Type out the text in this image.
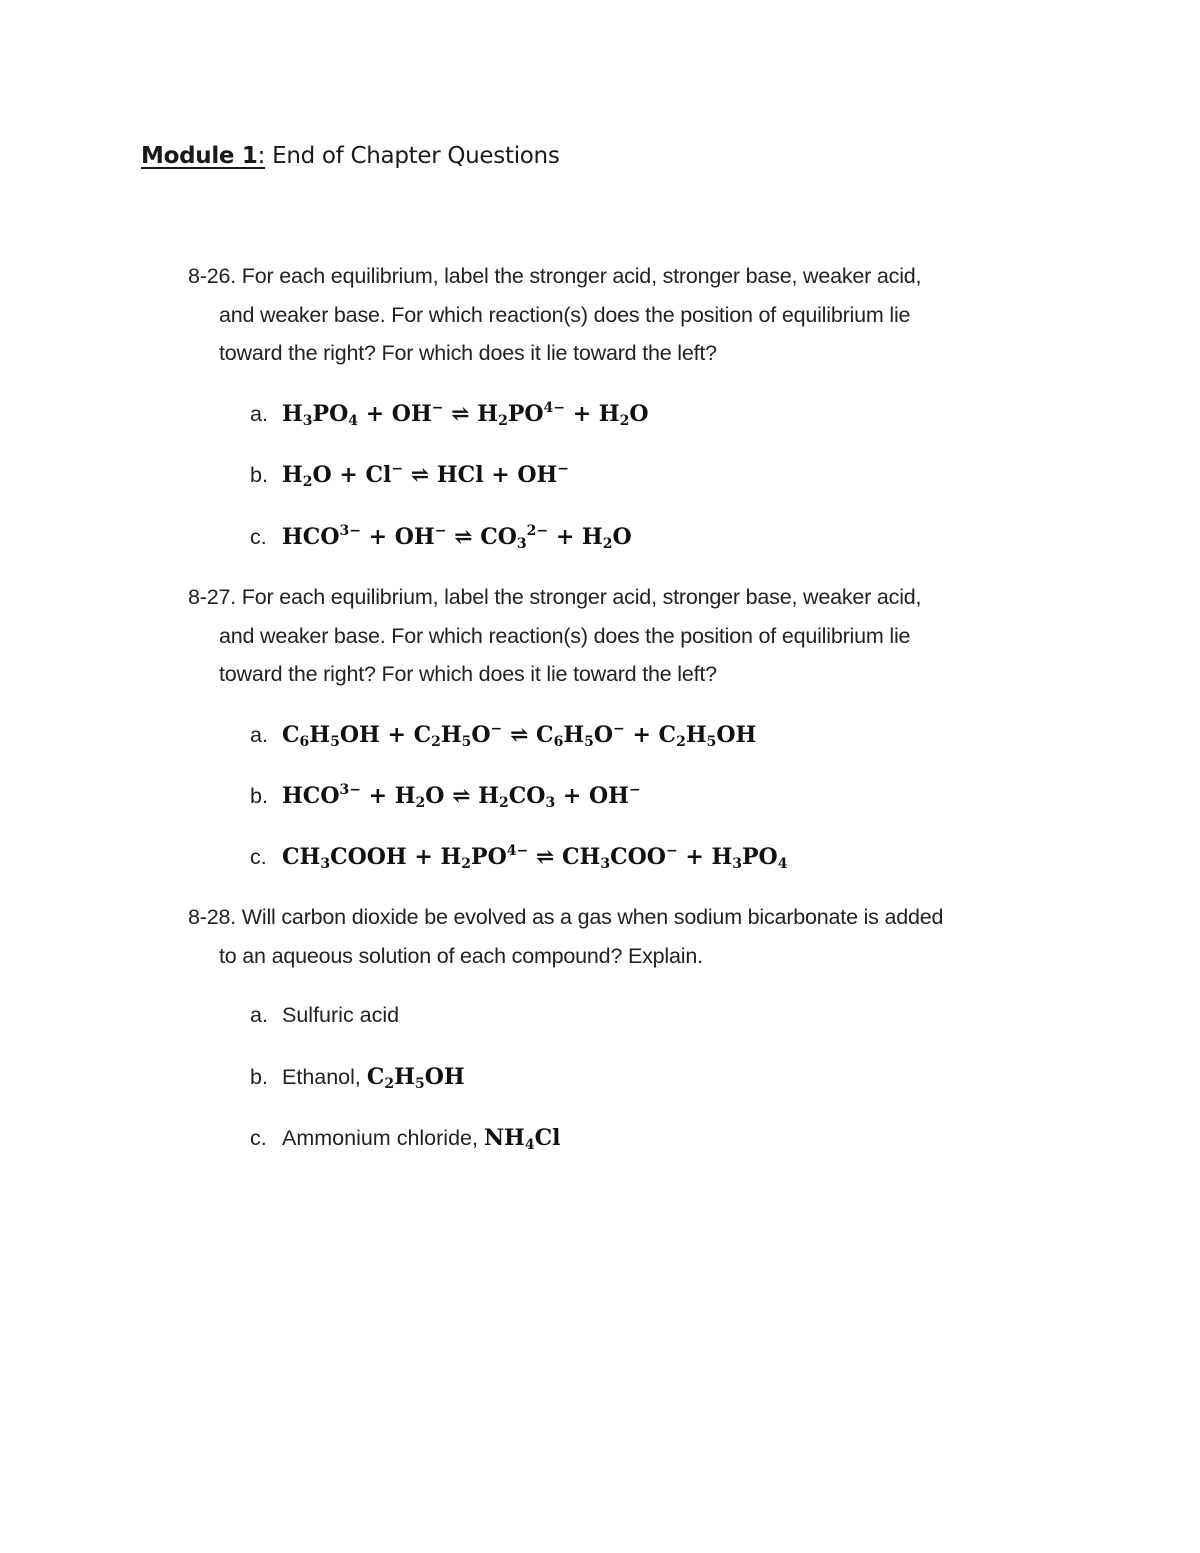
Module 1: End of Chapter Questions
8-26. For each equilibrium, label the stronger acid, stronger base, weaker acid,
and weaker base. For which reaction(s) does the position of equilibrium lie
toward the right? For which does it lie toward the left?
a. $H_3PO_4 + OH^-$ ⇌ $H_2PO^{4-} + H_2O$
b. $H_2O + Cl^-$ ⇌ HCl + OH−
c. $HCO^{3-} + OH^-$ ⇌ $CO_3^{2-} + H_2O$
8-27. For each equilibrium, label the stronger acid, stronger base, weaker acid,
and weaker base. For which reaction(s) does the position of equilibrium lie
toward the right? For which does it lie toward the left?
a. $C_6H_5OH + C_2H_5O^-$ ⇌ $C_6H_5O^- + C_2H_5OH$
b. $HCO^{3-} + H_2O$ ⇌ $H_2CO_3 + OH^-$
c. $CH_3COOH + H_2PO^{4-}$ ⇌ $CH_3COO^- + H_3PO_4$
8-28. Will carbon dioxide be evolved as a gas when sodium bicarbonate is added
to an aqueous solution of each compound? Explain.
a. Sulfuric acid
b. Ethanol, $C_2H_5OH$
c. Ammonium chloride, $NH_4Cl$
